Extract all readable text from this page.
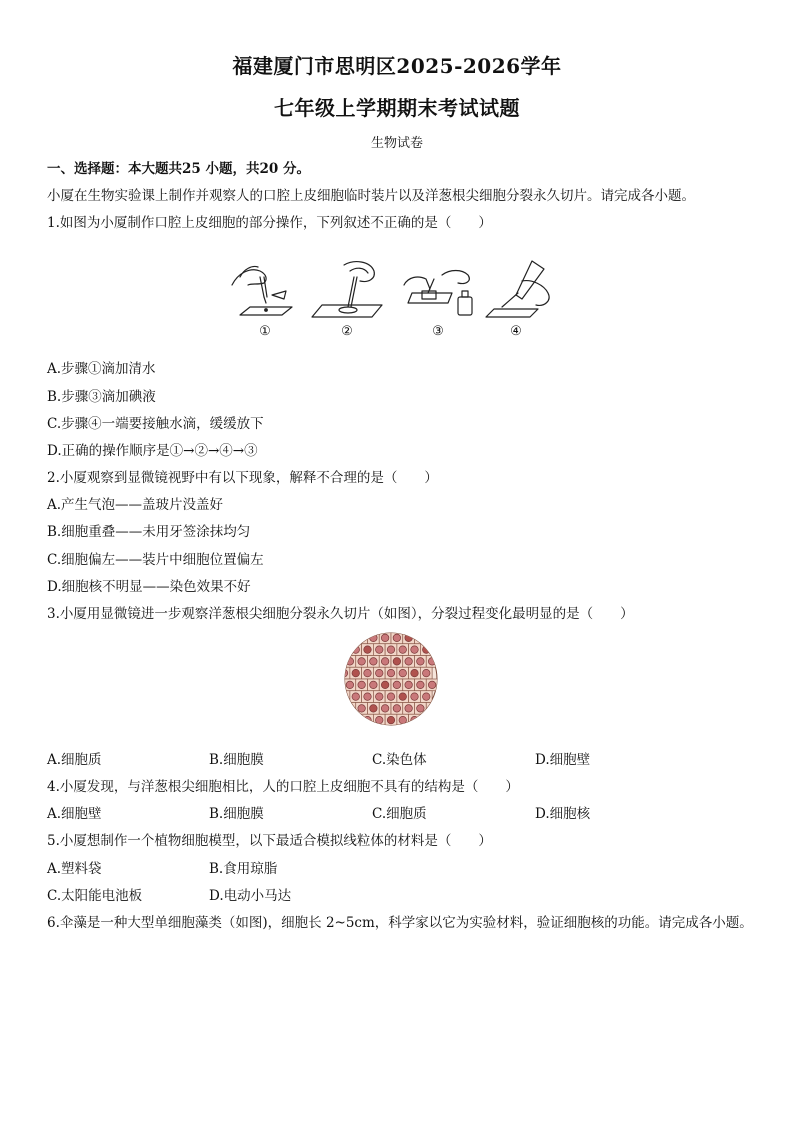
福建厦门市思明区2025-2026学年
七年级上学期期末考试试题
生物试卷
一、选择题：本大题共25 小题，共20 分。
小厦在生物实验课上制作并观察人的口腔上皮细胞临时装片以及洋葱根尖细胞分裂永久切片。请完成各小题。
1.如图为小厦制作口腔上皮细胞的部分操作，下列叙述不正确的是（　　）
①	②	③	④
A.步骤①滴加清水
B.步骤③滴加碘液
C.步骤④一端要接触水滴，缓缓放下
D.正确的操作顺序是①→②→④→③
2.小厦观察到显微镜视野中有以下现象，解释不合理的是（　　）
A.产生气泡——盖玻片没盖好
B.细胞重叠——未用牙签涂抹均匀
C.细胞偏左——装片中细胞位置偏左
D.细胞核不明显——染色效果不好
3.小厦用显微镜进一步观察洋葱根尖细胞分裂永久切片（如图），分裂过程变化最明显的是（　　）
A.细胞质	B.细胞膜	C.染色体	D.细胞壁
4.小厦发现，与洋葱根尖细胞相比，人的口腔上皮细胞不具有的结构是（　　）
A.细胞壁	B.细胞膜	C.细胞质	D.细胞核
5.小厦想制作一个植物细胞模型，以下最适合模拟线粒体的材料是（　　）
A.塑料袋	B.食用琼脂
C.太阳能电池板	D.电动小马达
6.伞藻是一种大型单细胞藻类（如图)，细胞长 2~5cm，科学家以它为实验材料，验证细胞核的功能。请完成各小题。
